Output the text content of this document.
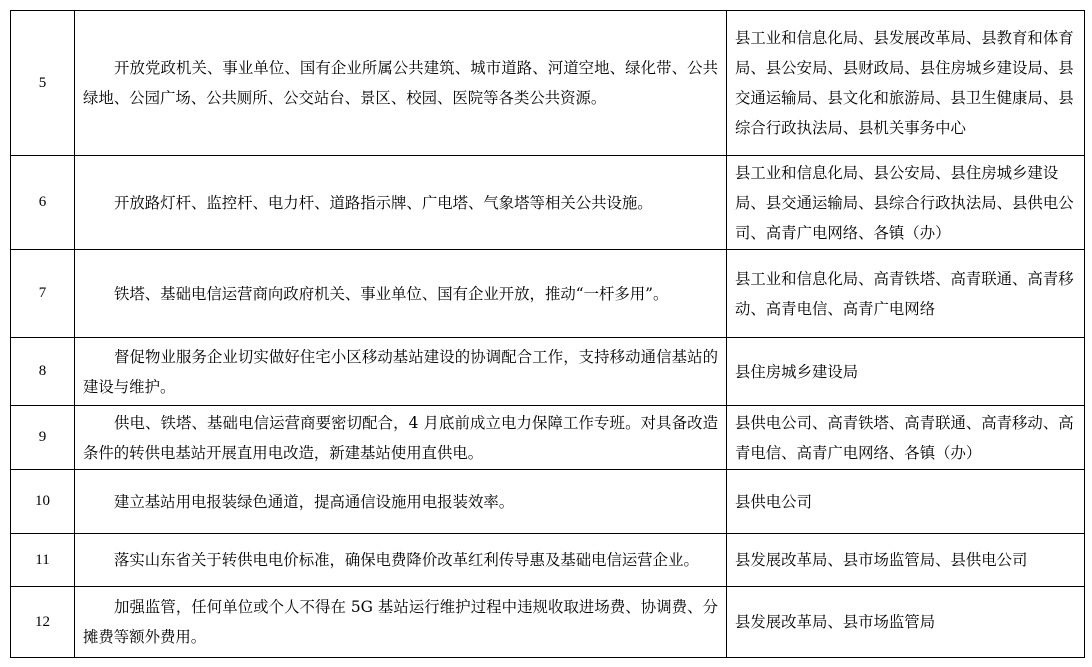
5	开放党政机关、事业单位、国有企业所属公共建筑、城市道路、河道空地、绿化带、公共绿地、公园广场、公共厕所、公交站台、景区、校园、医院等各类公共资源。	县工业和信息化局、县发展改革局、县教育和体育局、县公安局、县财政局、县住房城乡建设局、县交通运输局、县文化和旅游局、县卫生健康局、县综合行政执法局、县机关事务中心
6	开放路灯杆、监控杆、电力杆、道路指示牌、广电塔、气象塔等相关公共设施。	县工业和信息化局、县公安局、县住房城乡建设局、县交通运输局、县综合行政执法局、县供电公司、高青广电网络、各镇（办）
7	铁塔、基础电信运营商向政府机关、事业单位、国有企业开放，推动“一杆多用”。	县工业和信息化局、高青铁塔、高青联通、高青移动、高青电信、高青广电网络
8	督促物业服务企业切实做好住宅小区移动基站建设的协调配合工作，支持移动通信基站的建设与维护。	县住房城乡建设局
9	供电、铁塔、基础电信运营商要密切配合，4 月底前成立电力保障工作专班。对具备改造条件的转供电基站开展直用电改造，新建基站使用直供电。	县供电公司、高青铁塔、高青联通、高青移动、高青电信、高青广电网络、各镇（办）
10	建立基站用电报装绿色通道，提高通信设施用电报装效率。	县供电公司
11	落实山东省关于转供电电价标准，确保电费降价改革红利传导惠及基础电信运营企业。	县发展改革局、县市场监管局、县供电公司
12	加强监管，任何单位或个人不得在 5G 基站运行维护过程中违规收取进场费、协调费、分摊费等额外费用。	县发展改革局、县市场监管局
